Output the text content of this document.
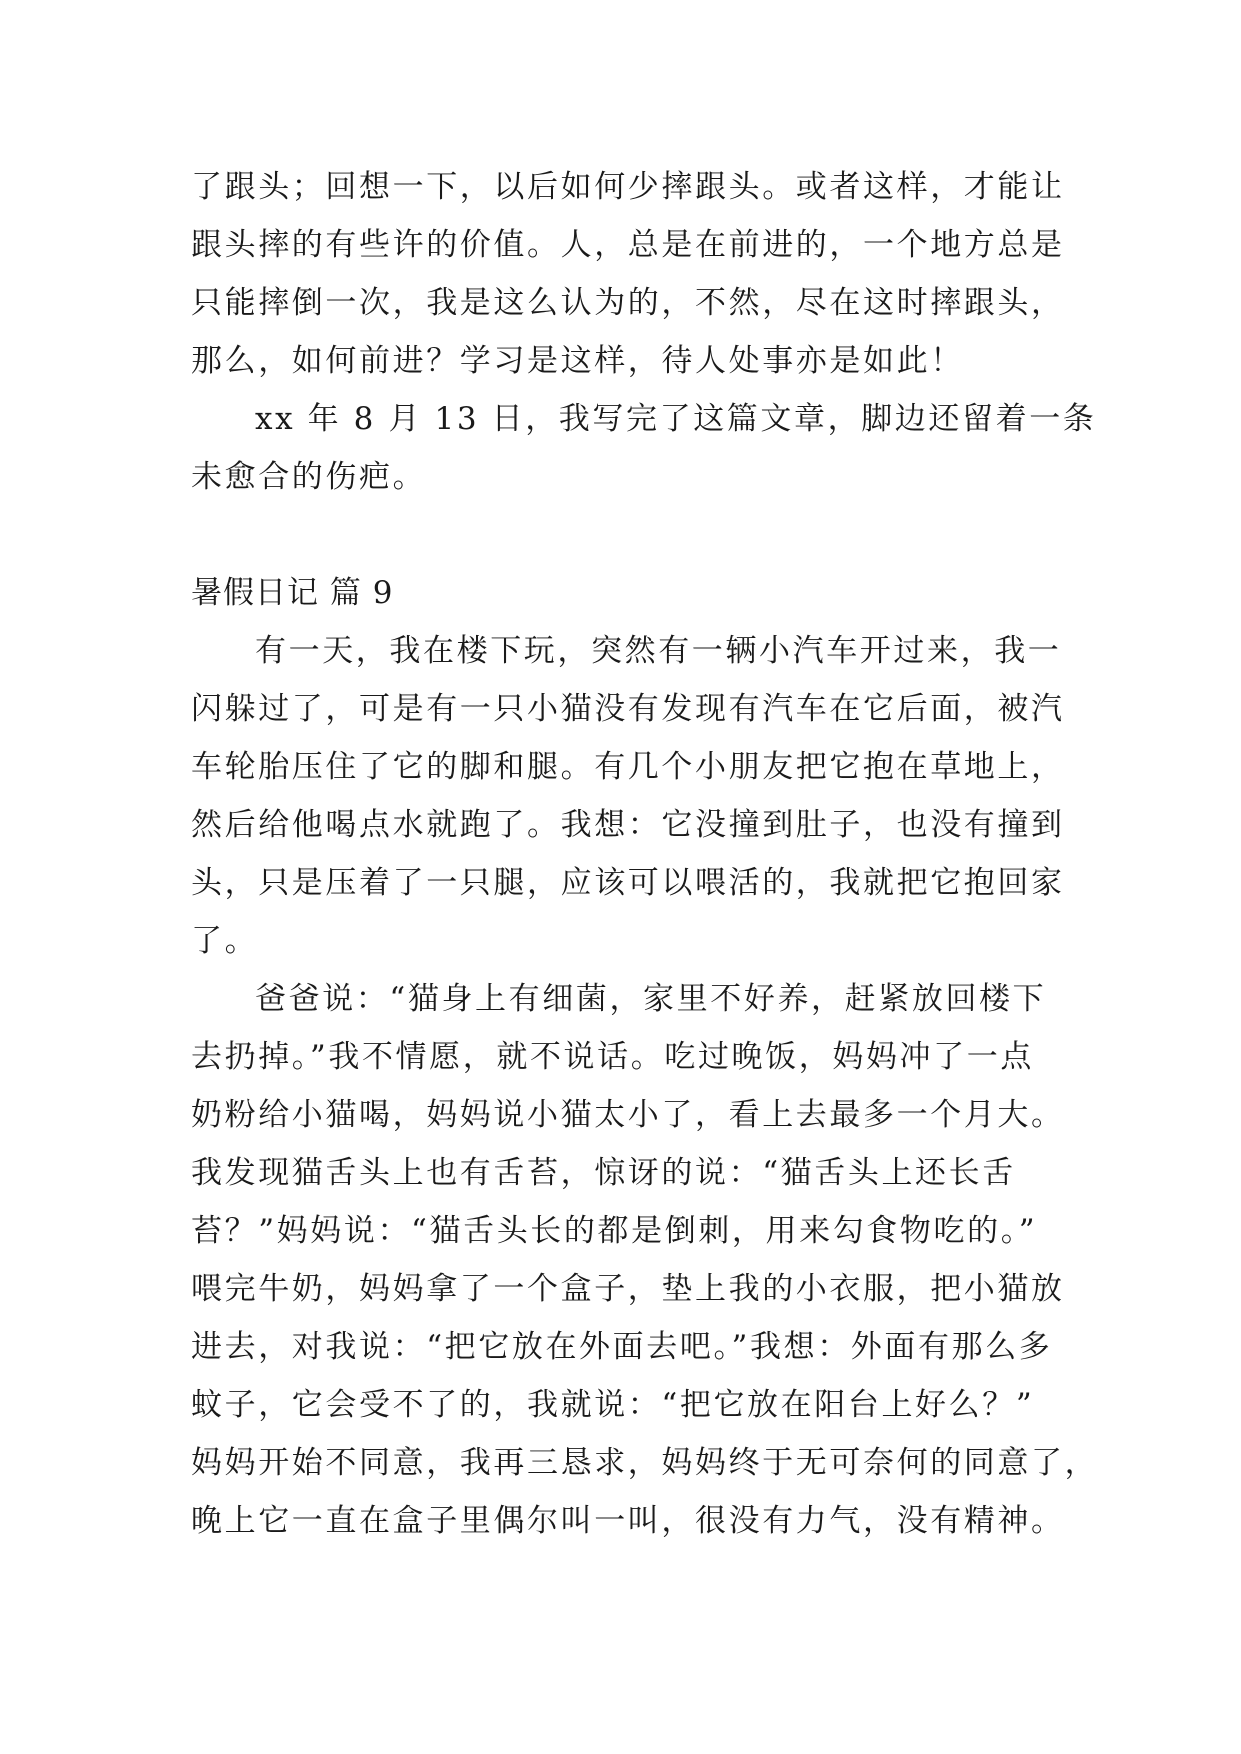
了跟头；回想一下，以后如何少摔跟头。或者这样，才能让
跟头摔的有些许的价值。人，总是在前进的，一个地方总是
只能摔倒一次，我是这么认为的，不然，尽在这时摔跟头，
那么，如何前进？学习是这样，待人处事亦是如此！
xx 年 8 月 13 日，我写完了这篇文章，脚边还留着一条
未愈合的伤疤。
暑假日记 篇 9
有一天，我在楼下玩，突然有一辆小汽车开过来，我一
闪躲过了，可是有一只小猫没有发现有汽车在它后面，被汽
车轮胎压住了它的脚和腿。有几个小朋友把它抱在草地上，
然后给他喝点水就跑了。我想：它没撞到肚子，也没有撞到
头，只是压着了一只腿，应该可以喂活的，我就把它抱回家
了。
爸爸说：“猫身上有细菌，家里不好养，赶紧放回楼下
去扔掉。”我不情愿，就不说话。吃过晚饭，妈妈冲了一点
奶粉给小猫喝，妈妈说小猫太小了，看上去最多一个月大。
我发现猫舌头上也有舌苔，惊讶的说：“猫舌头上还长舌
苔？”妈妈说：“猫舌头长的都是倒刺，用来勾食物吃的。”
喂完牛奶，妈妈拿了一个盒子，垫上我的小衣服，把小猫放
进去，对我说：“把它放在外面去吧。”我想：外面有那么多
蚊子，它会受不了的，我就说：“把它放在阳台上好么？”
妈妈开始不同意，我再三恳求，妈妈终于无可奈何的同意了，
晚上它一直在盒子里偶尔叫一叫，很没有力气，没有精神。
